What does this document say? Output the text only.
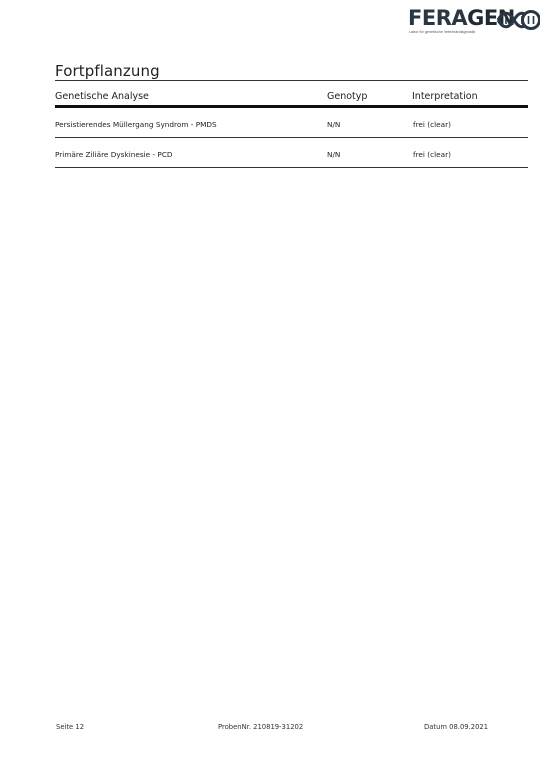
FERAGEN
Labor für genetische Veterinärdiagnostik
Fortpflanzung
Genetische Analyse	Genotyp	Interpretation
Persistierendes Müllergang Syndrom - PMDS	N/N	frei (clear)
Primäre Ziliäre Dyskinesie - PCD	N/N	frei (clear)
Seite 12	ProbenNr. 210819-31202	Datum 08.09.2021
